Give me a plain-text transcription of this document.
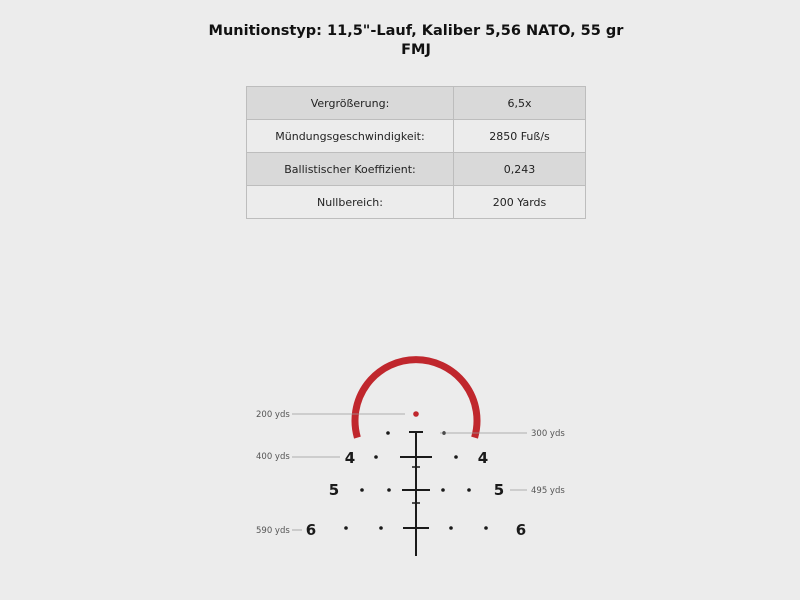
Munitionstyp: 11,5"-Lauf, Kaliber 5,56 NATO, 55 gr FMJ
Vergrößerung:	6,5x
Mündungsgeschwindigkeit:	2850 Fuß/s
Ballistischer Koeffizient:	0,243
Nullbereich:	200 Yards
4	4
5	5
6	6
200 yds
300 yds
400 yds
495 yds
590 yds
